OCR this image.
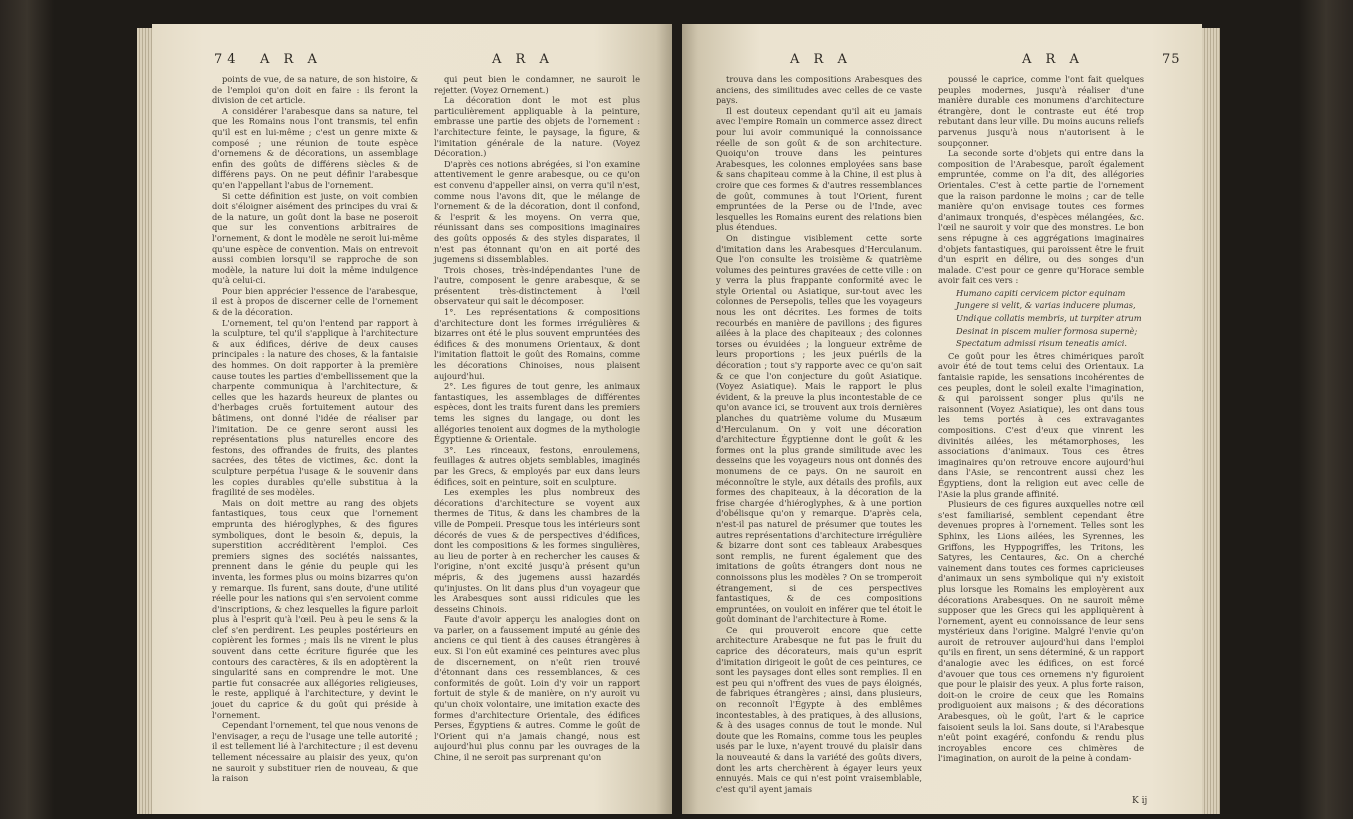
74 A R A	A R A

points de vue, de sa nature, de son histoire, & de l'emploi qu'on doit en faire : ils feront la division de cet article.

A considérer l'arabesque dans sa nature, tel que les Romains nous l'ont transmis, tel enfin qu'il est en lui-même ; c'est un genre mixte & composé ; une réunion de toute espèce d'ornemens & de décorations, un assemblage enfin des goûts de différens siècles & de différens pays. On ne peut définir l'arabesque qu'en l'appellant l'abus de l'ornement.

Si cette définition est juste, on voit combien doit s'éloigner aisément des principes du vrai & de la nature, un goût dont la base ne poseroit que sur les conventions arbitraires de l'ornement, & dont le modèle ne seroit lui-même qu'une espèce de convention. Mais on entrevoit aussi combien lorsqu'il se rapproche de son modèle, la nature lui doit la même indulgence qu'à celui-ci.

Pour bien apprécier l'essence de l'arabesque, il est à propos de discerner celle de l'ornement & de la décoration.

L'ornement, tel qu'on l'entend par rapport à la sculpture, tel qu'il s'applique à l'architecture & aux édifices, dérive de deux causes principales : la nature des choses, & la fantaisie des hommes. On doit rapporter à la première cause toutes les parties d'embellissement que la charpente communiqua à l'architecture, & celles que les hazards heureux de plantes ou d'herbages cruës fortuitement autour des bâtimens, ont donné l'idée de réaliser par l'imitation. De ce genre seront aussi les représentations plus naturelles encore des festons, des offrandes de fruits, des plantes sacrées, des têtes de victimes, &c. dont la sculpture perpétua l'usage & le souvenir dans les copies durables qu'elle substitua à la fragilité de ses modèles.

Mais on doit mettre au rang des objets fantastiques, tous ceux que l'ornement emprunta des hiéroglyphes, & des figures symboliques, dont le besoin &, depuis, la superstition accréditèrent l'emploi. Ces premiers signes des sociétés naissantes, prennent dans le génie du peuple qui les inventa, les formes plus ou moins bizarres qu'on y remarque. Ils furent, sans doute, d'une utilité réelle pour les nations qui s'en servoient comme d'inscriptions, & chez lesquelles la figure parloit plus à l'esprit qu'à l'œil. Peu à peu le sens & la clef s'en perdirent. Les peuples postérieurs en copièrent les formes ; mais ils ne virent le plus souvent dans cette écriture figurée que les contours des caractères, & ils en adoptèrent la singularité sans en comprendre le mot. Une partie fut consacrée aux allégories religieuses, le reste, appliqué à l'architecture, y devint le jouet du caprice & du goût qui préside à l'ornement.

Cependant l'ornement, tel que nous venons de l'envisager, a reçu de l'usage une telle autorité ; il est tellement lié à l'architecture ; il est devenu tellement nécessaire au plaisir des yeux, qu'on ne sauroit y substituer rien de nouveau, & que la raison

qui peut bien le condamner, ne sauroit le rejetter. (Voyez Ornement.)

La décoration dont le mot est plus particulièrement appliquable à la peinture, embrasse une partie des objets de l'ornement : l'architecture feinte, le paysage, la figure, & l'imitation générale de la nature. (Voyez Décoration.)

D'après ces notions abrégées, si l'on examine attentivement le genre arabesque, ou ce qu'on est convenu d'appeller ainsi, on verra qu'il n'est, comme nous l'avons dit, que le mélange de l'ornement & de la décoration, dont il confond, & l'esprit & les moyens. On verra que, réunissant dans ses compositions imaginaires des goûts opposés & des styles disparates, il n'est pas étonnant qu'on en ait porté des jugemens si dissemblables.

Trois choses, très-indépendantes l'une de l'autre, composent le genre arabesque, & se présentent très-distinctement à l'œil observateur qui sait le décomposer.

1°. Les représentations & compositions d'architecture dont les formes irrégulières & bizarres ont été le plus souvent empruntées des édifices & des monumens Orientaux, & dont l'imitation flattoit le goût des Romains, comme les décorations Chinoises, nous plaisent aujourd'hui.

2°. Les figures de tout genre, les animaux fantastiques, les assemblages de différentes espèces, dont les traits furent dans les premiers tems les signes du langage, ou dont les allégories tenoient aux dogmes de la mythologie Égyptienne & Orientale.

3°. Les rinceaux, festons, enroulemens, feuillages & autres objets semblables, imaginés par les Grecs, & employés par eux dans leurs édifices, soit en peinture, soit en sculpture.

Les exemples les plus nombreux des décorations d'architecture se voyent aux thermes de Titus, & dans les chambres de la ville de Pompeii. Presque tous les intérieurs sont décorés de vues & de perspectives d'édifices, dont les compositions & les formes singulières, au lieu de porter à en rechercher les causes & l'origine, n'ont excité jusqu'à présent qu'un mépris, & des jugemens aussi hazardés qu'injustes. On lit dans plus d'un voyageur que les Arabesques sont aussi ridicules que les desseins Chinois.

Faute d'avoir apperçu les analogies dont on va parler, on a faussement imputé au génie des anciens ce qui tient à des causes étrangères à eux. Si l'on eût examiné ces peintures avec plus de discernement, on n'eût rien trouvé d'étonnant dans ces ressemblances, & ces conformités de goût. Loin d'y voir un rapport fortuit de style & de manière, on n'y auroit vu qu'un choix volontaire, une imitation exacte des formes d'architecture Orientale, des édifices Perses, Égyptiens & autres. Comme le goût de l'Orient qui n'a jamais changé, nous est aujourd'hui plus connu par les ouvrages de la Chine, il ne seroit pas surprenant qu'on

A R A	A R A	75

trouva dans les compositions Arabesques des anciens, des similitudes avec celles de ce vaste pays.

Il est douteux cependant qu'il ait eu jamais avec l'empire Romain un commerce assez direct pour lui avoir communiqué la connoissance réelle de son goût & de son architecture. Quoiqu'on trouve dans les peintures Arabesques, les colonnes employées sans base & sans chapiteau comme à la Chine, il est plus à croire que ces formes & d'autres ressemblances de goût, communes à tout l'Orient, furent empruntées de la Perse ou de l'Inde, avec lesquelles les Romains eurent des relations bien plus étendues.

On distingue visiblement cette sorte d'imitation dans les Arabesques d'Herculanum. Que l'on consulte les troisième & quatrième volumes des peintures gravées de cette ville : on y verra la plus frappante conformité avec le style Oriental ou Asiatique, sur-tout avec les colonnes de Persepolis, telles que les voyageurs nous les ont décrites. Les formes de toits recourbés en manière de pavillons ; des figures ailées à la place des chapiteaux ; des colonnes torses ou évuidées ; la longueur extrême de leurs proportions ; les jeux puérils de la décoration ; tout s'y rapporte avec ce qu'on sait & ce que l'on conjecture du goût Asiatique. (Voyez Asiatique). Mais le rapport le plus évident, & la preuve la plus incontestable de ce qu'on avance ici, se trouvent aux trois dernières planches du quatrième volume du Musæum d'Herculanum. On y voit une décoration d'architecture Égyptienne dont le goût & les formes ont la plus grande similitude avec les desseins que les voyageurs nous ont donnés des monumens de ce pays. On ne sauroit en méconnoître le style, aux détails des profils, aux formes des chapiteaux, à la décoration de la frise chargée d'hiéroglyphes, & à une portion d'obélisque qu'on y remarque. D'après cela, n'est-il pas naturel de présumer que toutes les autres représentations d'architecture irrégulière & bizarre dont sont ces tableaux Arabesques sont remplis, ne furent également que des imitations de goûts étrangers dont nous ne connoissons plus les modèles ? On se tromperoit étrangement, si de ces perspectives fantastiques, & de ces compositions empruntées, on vouloit en inférer que tel étoit le goût dominant de l'architecture à Rome.

Ce qui prouveroit encore que cette architecture Arabesque ne fut pas le fruit du caprice des décorateurs, mais qu'un esprit d'imitation dirigeoit le goût de ces peintures, ce sont les paysages dont elles sont remplies. Il en est peu qui n'offrent des vues de pays éloignés, de fabriques étrangères ; ainsi, dans plusieurs, on reconnoît l'Égypte à des emblêmes incontestables, à des pratiques, à des allusions, & à des usages connus de tout le monde. Nul doute que les Romains, comme tous les peuples usés par le luxe, n'ayent trouvé du plaisir dans la nouveauté & dans la variété des goûts divers, dont les arts cherchèrent à égayer leurs yeux ennuyés. Mais ce qui n'est point vraisemblable, c'est qu'il ayent jamais

poussé le caprice, comme l'ont fait quelques peuples modernes, jusqu'à réaliser d'une manière durable ces monumens d'architecture étrangère, dont le contraste eut été trop rebutant dans leur ville. Du moins aucuns reliefs parvenus jusqu'à nous n'autorisent à le soupçonner.

La seconde sorte d'objets qui entre dans la composition de l'Arabesque, paroît également empruntée, comme on l'a dit, des allégories Orientales. C'est à cette partie de l'ornement que la raison pardonne le moins ; car de telle manière qu'on envisage toutes ces formes d'animaux tronqués, d'espèces mélangées, &c. l'œil ne sauroit y voir que des monstres. Le bon sens répugne à ces aggrégations imaginaires d'objets fantastiques, qui paroissent être le fruit d'un esprit en délire, ou des songes d'un malade. C'est pour ce genre qu'Horace semble avoir fait ces vers :

Humano capiti cervicem pictor equinam

Jungere si velit, & varias inducere plumas,

Undique collatis membris, ut turpiter atrum

Desinat in piscem mulier formosa supernè;

Spectatum admissi risum teneatis amici.

Ce goût pour les êtres chimériques paroît avoir été de tout tems celui des Orientaux. La fantaisie rapide, les sensations incohérentes de ces peuples, dont le soleil exalte l'imagination, & qui paroissent songer plus qu'ils ne raisonnent (Voyez Asiatique), les ont dans tous les tems portés à ces extravagantes compositions. C'est d'eux que vinrent les divinités ailées, les métamorphoses, les associations d'animaux. Tous ces êtres imaginaires qu'on retrouve encore aujourd'hui dans l'Asie, se rencontrent aussi chez les Égyptiens, dont la religion eut avec celle de l'Asie la plus grande affinité.

Plusieurs de ces figures auxquelles notre œil s'est familiarisé, semblent cependant être devenues propres à l'ornement. Telles sont les Sphinx, les Lions ailées, les Syrennes, les Griffons, les Hyppogriffes, les Tritons, les Satyres, les Centaures, &c. On a cherché vainement dans toutes ces formes capricieuses d'animaux un sens symbolique qui n'y existoit plus lorsque les Romains les employèrent aux décorations Arabesques. On ne sauroit même supposer que les Grecs qui les appliquèrent à l'ornement, ayent eu connoissance de leur sens mystérieux dans l'origine. Malgré l'envie qu'on auroit de retrouver aujourd'hui dans l'emploi qu'ils en firent, un sens déterminé, & un rapport d'analogie avec les édifices, on est forcé d'avouer que tous ces ornemens n'y figuroient que pour le plaisir des yeux. A plus forte raison, doit-on le croire de ceux que les Romains prodiguoient aux maisons ; & des décorations Arabesques, où le goût, l'art & le caprice faisoient seuls la loi. Sans doute, si l'Arabesque n'eût point exagéré, confondu & rendu plus incroyables encore ces chimères de l'imagination, on auroit de la peine à condam-

K ij
